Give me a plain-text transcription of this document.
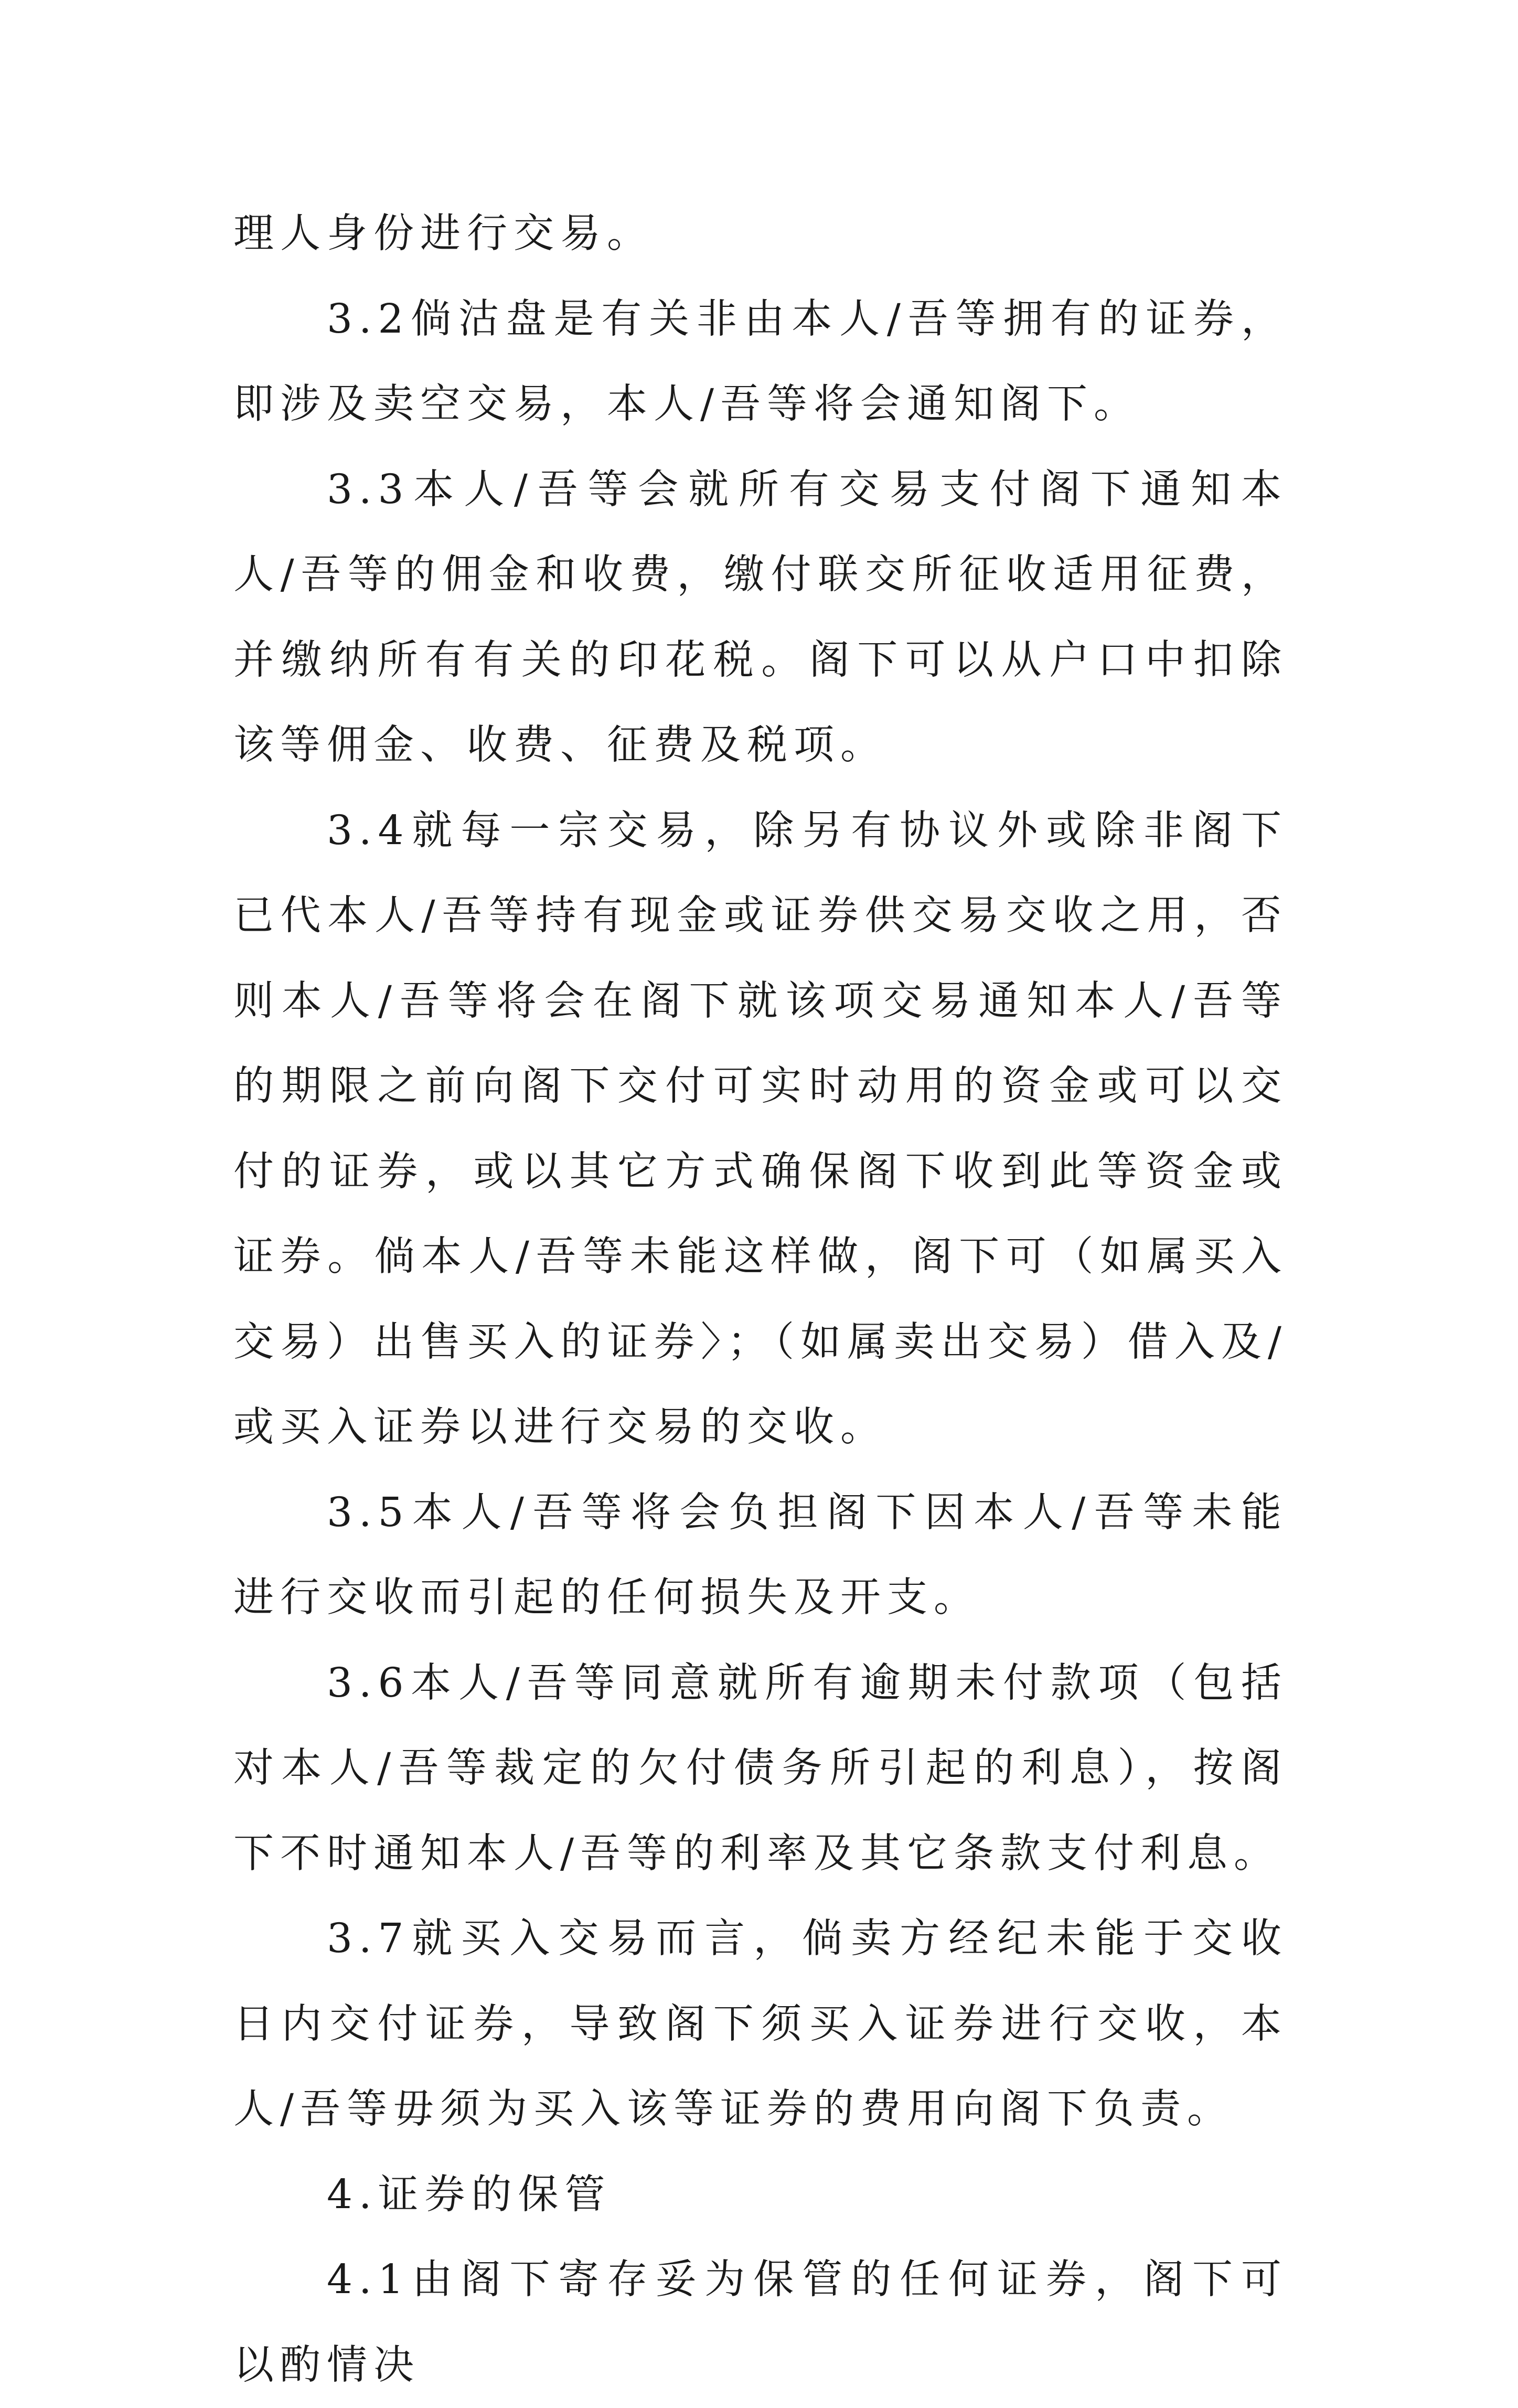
理人身份进行交易。

3.2倘沽盘是有关非由本人/吾等拥有的证券，即涉及卖空交易，本人/吾等将会通知阁下。

3.3本人/吾等会就所有交易支付阁下通知本人/吾等的佣金和收费，缴付联交所征收适用征费，并缴纳所有有关的印花税。阁下可以从户口中扣除该等佣金、收费、征费及税项。

3.4就每一宗交易，除另有协议外或除非阁下已代本人/吾等持有现金或证券供交易交收之用，否则本人/吾等将会在阁下就该项交易通知本人/吾等的期限之前向阁下交付可实时动用的资金或可以交付的证券，或以其它方式确保阁下收到此等资金或证券。倘本人/吾等未能这样做，阁下可（如属买入交易）出售买入的证券〉；（如属卖出交易）借入及/或买入证券以进行交易的交收。

3.5本人/吾等将会负担阁下因本人/吾等未能进行交收而引起的任何损失及开支。

3.6本人/吾等同意就所有逾期未付款项（包括对本人/吾等裁定的欠付债务所引起的利息），按阁下不时通知本人/吾等的利率及其它条款支付利息。

3.7就买入交易而言，倘卖方经纪未能于交收日内交付证券，导致阁下须买入证券进行交收，本人/吾等毋须为买入该等证券的费用向阁下负责。

4.证券的保管

4.1由阁下寄存妥为保管的任何证券，阁下可以酌情决
